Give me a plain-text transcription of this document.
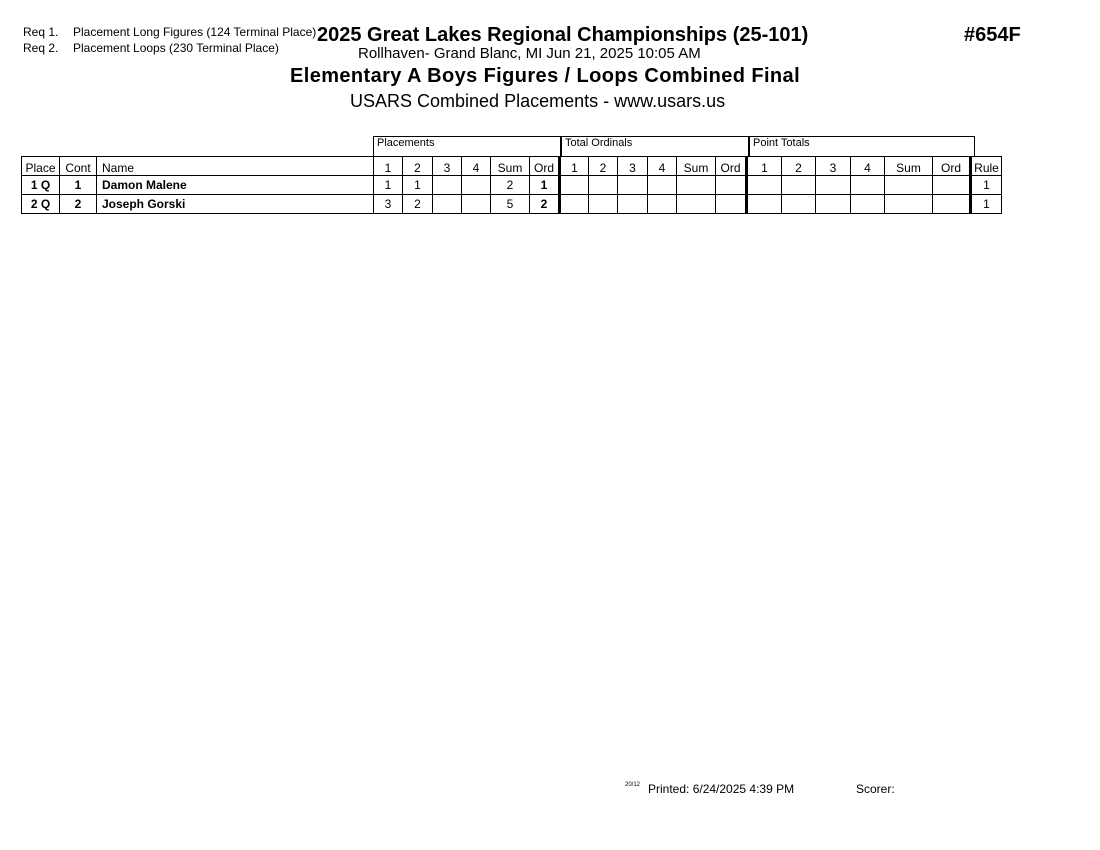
Req 1. Placement Long Figures (124 Terminal Place)
Req 2. Placement Loops (230 Terminal Place)
2025 Great Lakes Regional Championships (25-101)	#654F
Rollhaven- Grand Blanc, MI Jun 21, 2025 10:05 AM
Elementary A Boys Figures / Loops Combined Final
USARS Combined Placements - www.usars.us
Placements	Total Ordinals	Point Totals
Place	Cont	Name	1	2	3	4	Sum	Ord	1	2	3	4	Sum	Ord	1	2	3	4	Sum	Ord	Rule
1 Q	1	Damon Malene	1	1			2	1													1
2 Q	2	Joseph Gorski	3	2			5	2													1
20/12 Printed: 6/24/2025 4:39 PM	Scorer:
